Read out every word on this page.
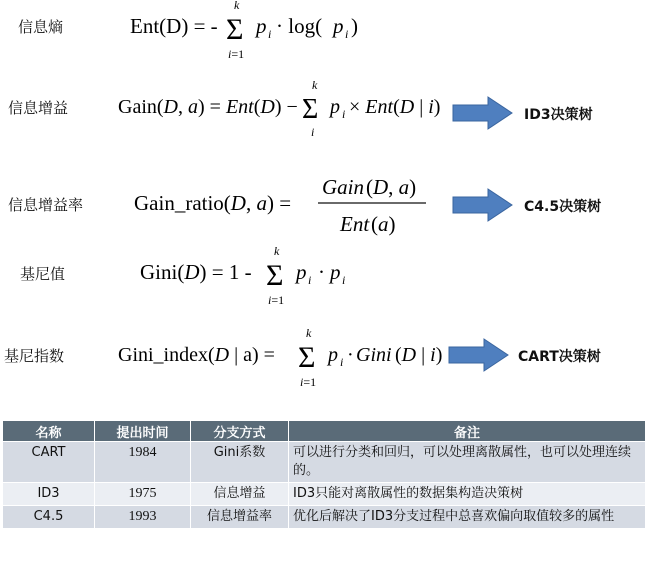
信息熵
信息增益
信息增益率
基尼值
基尼指数
Ent(D) = -
k
Σ
i=1
p i · log( p i )
Gain(D, a) = Ent(D) −
k
Σ
i
p i × Ent(D | i)
Gain_ratio(D, a) =
Gain (D, a)
Ent (a)
Gini(D) = 1 -
k
Σ
i=1
p i · p i
Gini_index(D | a) =
k
Σ
i=1
p i · Gini (D | i)
ID3决策树
C4.5决策树
CART决策树
名称	提出时间	分支方式	备注
CART	1984	Gini系数	可以进行分类和回归，可以处理离散属性，也可以处理连续的。
ID3	1975	信息增益	ID3只能对离散属性的数据集构造决策树
C4.5	1993	信息增益率	优化后解决了ID3分支过程中总喜欢偏向取值较多的属性
